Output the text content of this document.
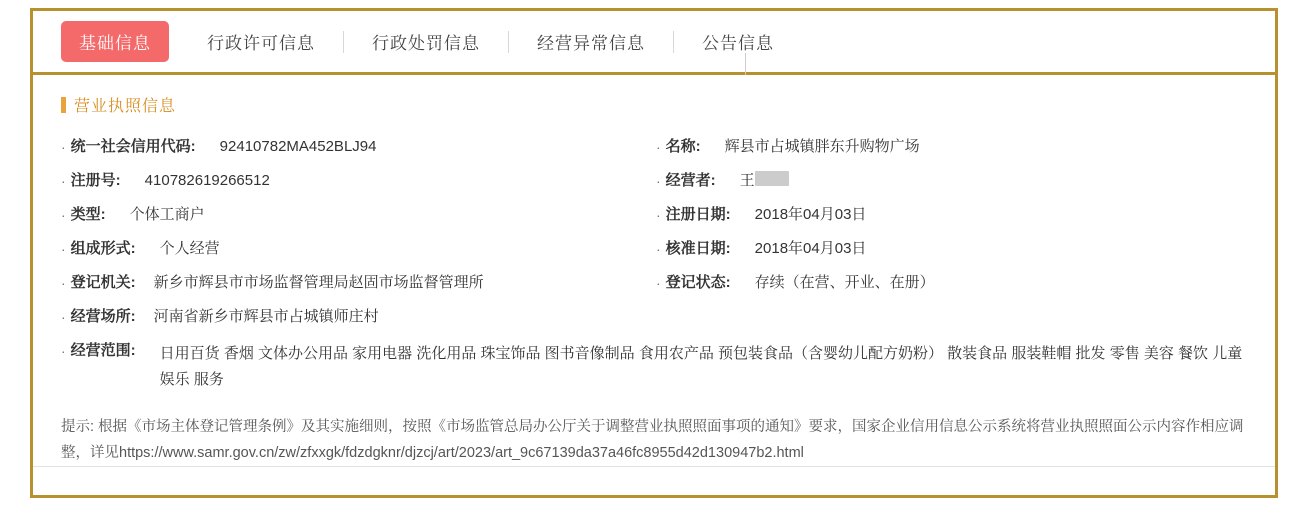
基础信息	行政许可信息	行政处罚信息	经营异常信息	公告信息
营业执照信息
· 统一社会信用代码: 92410782MA452BLJ94	· 名称: 辉县市占城镇胖东升购物广场
· 注册号: 410782619266512	· 经营者: 王
· 类型: 个体工商户	· 注册日期: 2018年04月03日
· 组成形式: 个人经营	· 核准日期: 2018年04月03日
· 登记机关: 新乡市辉县市市场监督管理局赵固市场监督管理所	· 登记状态: 存续（在营、开业、在册）
· 经营场所: 河南省新乡市辉县市占城镇师庄村
· 经营范围: 日用百货 香烟 文体办公用品 家用电器 洗化用品 珠宝饰品 图书音像制品 食用农产品 预包装食品（含婴幼儿配方奶粉） 散装食品 服装鞋帽 批发 零售 美容 餐饮 儿童娱乐 服务
提示: 根据《市场主体登记管理条例》及其实施细则，按照《市场监管总局办公厅关于调整营业执照照面事项的通知》要求，国家企业信用信息公示系统将营业执照照面公示内容作相应调整，详见https://www.samr.gov.cn/zw/zfxxgk/fdzdgknr/djzcj/art/2023/art_9c67139da37a46fc8955d42d130947b2.html
